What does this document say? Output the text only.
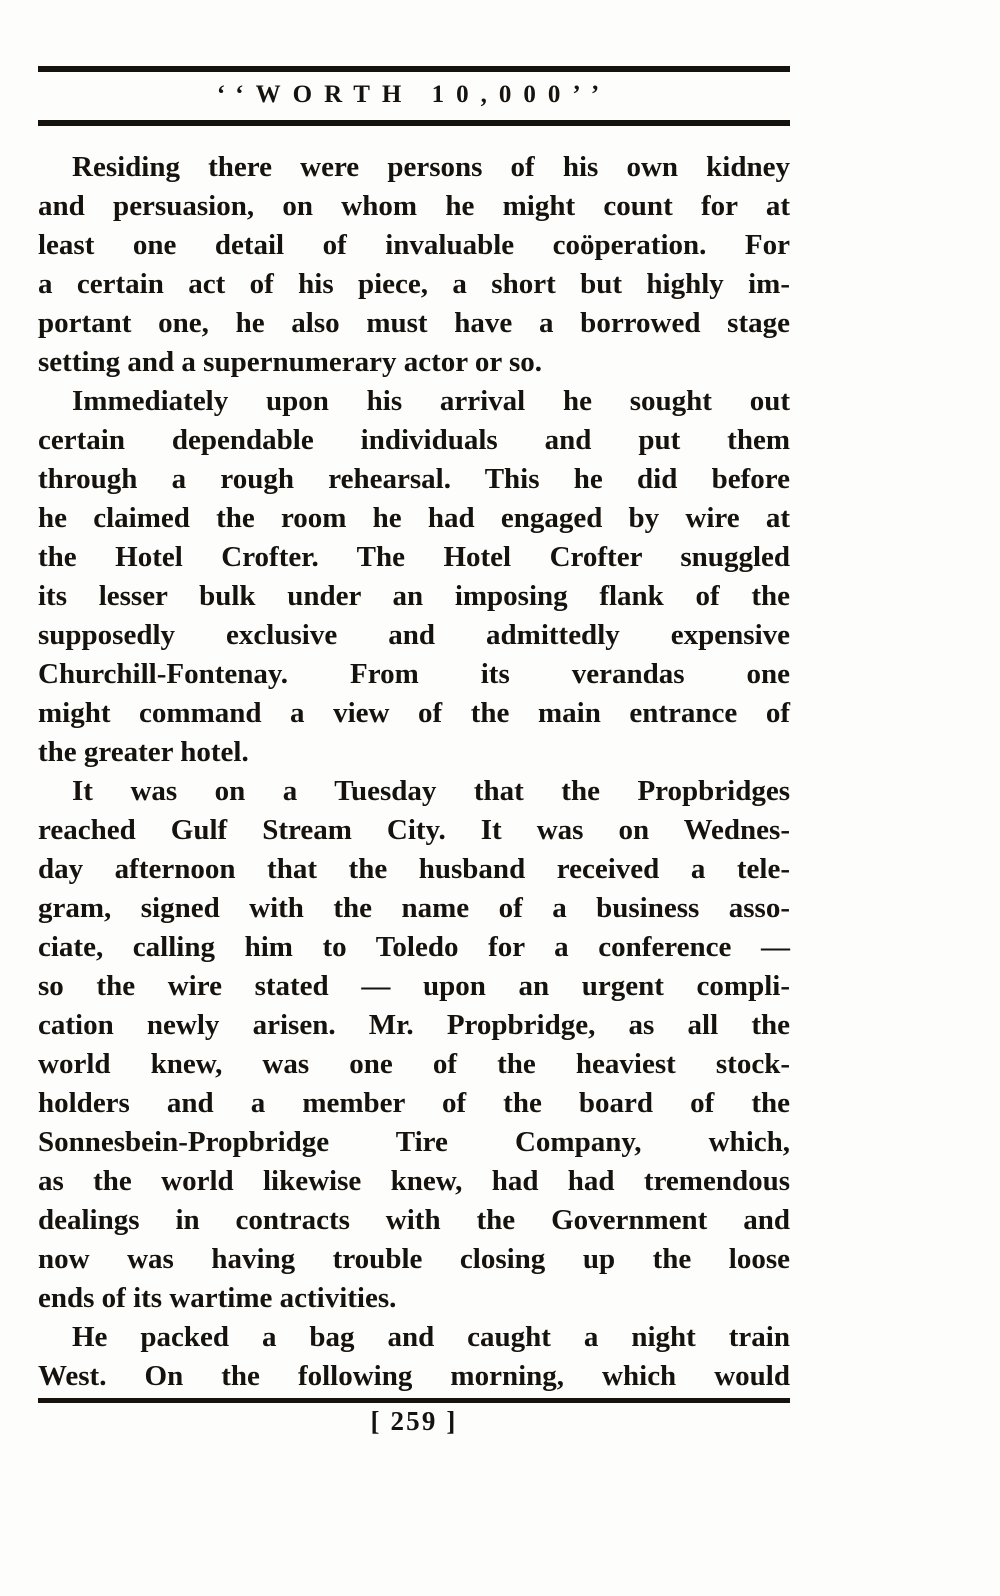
‘‘WORTH 10,000’’
Residing there were persons of his own kidney
and persuasion, on whom he might count for at
least one detail of invaluable coöperation. For
a certain act of his piece, a short but highly im-
portant one, he also must have a borrowed stage
setting and a supernumerary actor or so.
Immediately upon his arrival he sought out
certain dependable individuals and put them
through a rough rehearsal. This he did before
he claimed the room he had engaged by wire at
the Hotel Crofter. The Hotel Crofter snuggled
its lesser bulk under an imposing flank of the
supposedly exclusive and admittedly expensive
Churchill-Fontenay. From its verandas one
might command a view of the main entrance of
the greater hotel.
It was on a Tuesday that the Propbridges
reached Gulf Stream City. It was on Wednes-
day afternoon that the husband received a tele-
gram, signed with the name of a business asso-
ciate, calling him to Toledo for a conference —
so the wire stated — upon an urgent compli-
cation newly arisen. Mr. Propbridge, as all the
world knew, was one of the heaviest stock-
holders and a member of the board of the
Sonnesbein-Propbridge Tire Company, which,
as the world likewise knew, had had tremendous
dealings in contracts with the Government and
now was having trouble closing up the loose
ends of its wartime activities.
He packed a bag and caught a night train
West. On the following morning, which would
[ 259 ]
